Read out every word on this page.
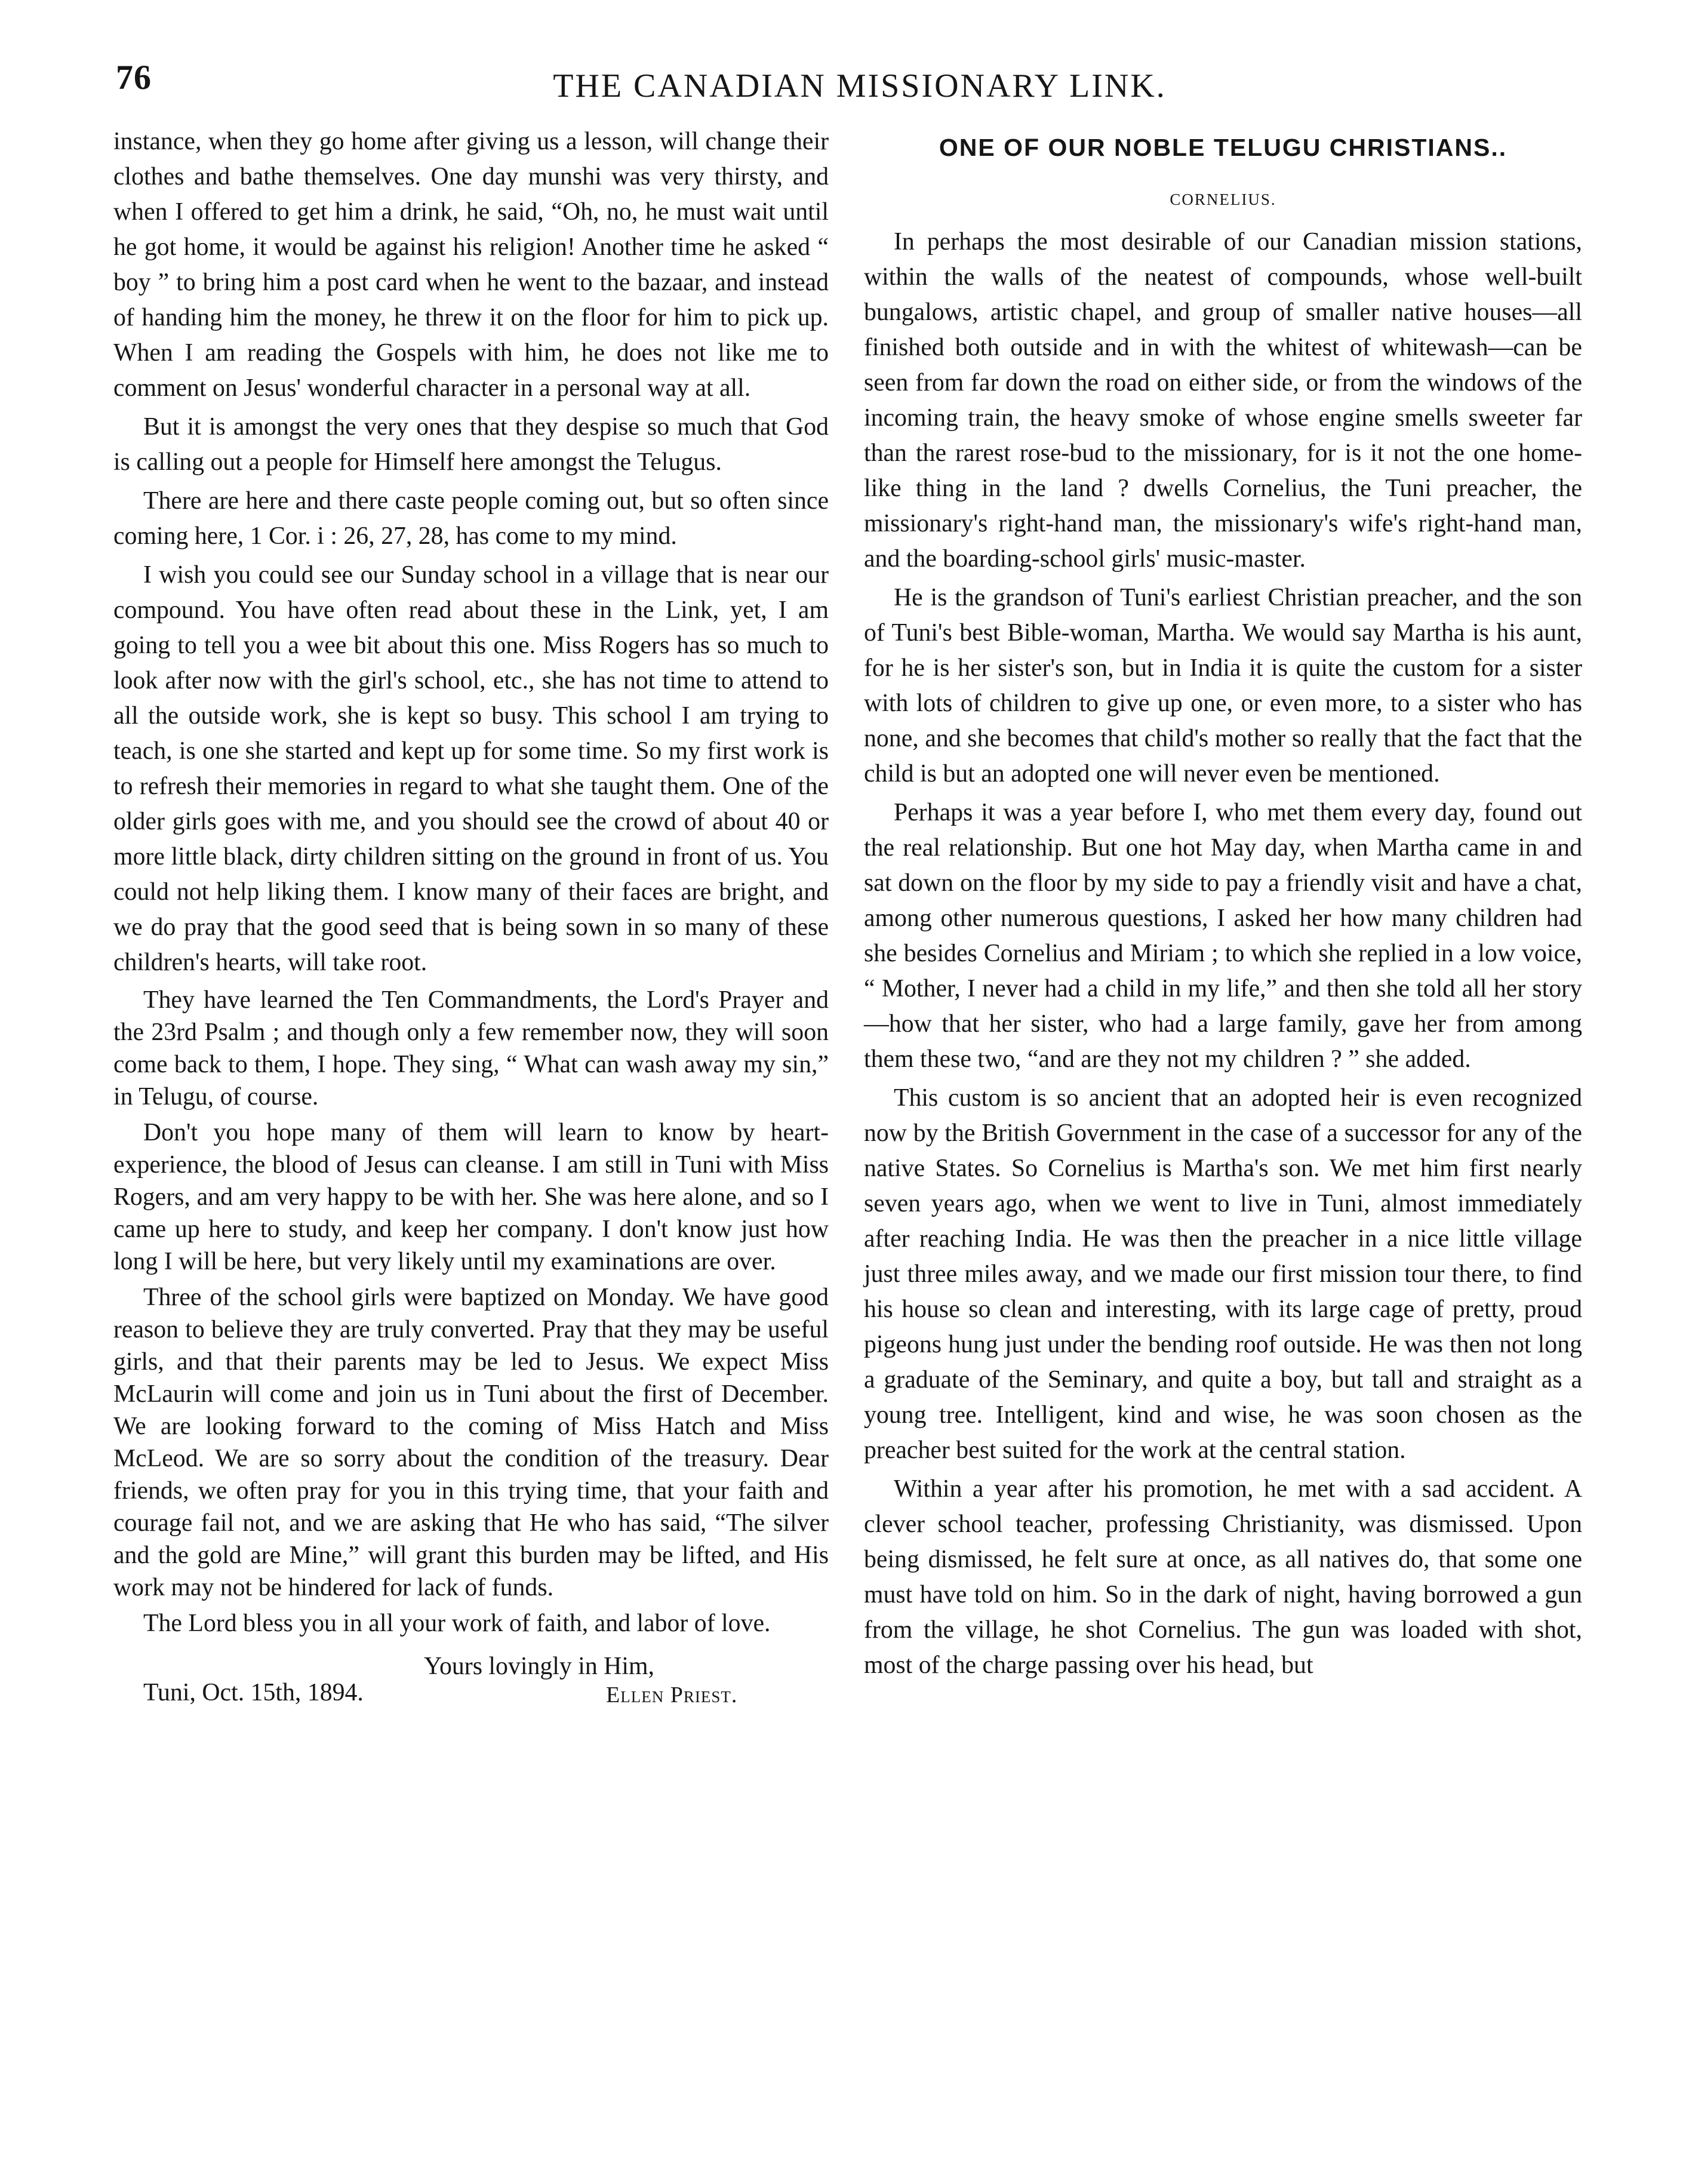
76	THE CANADIAN MISSIONARY LINK.

instance, when they go home after giving us a lesson, will change their clothes and bathe themselves. One day munshi was very thirsty, and when I offered to get him a drink, he said, “Oh, no, he must wait until he got home, it would be against his religion! Another time he asked “ boy ” to bring him a post card when he went to the bazaar, and instead of handing him the money, he threw it on the floor for him to pick up. When I am reading the Gospels with him, he does not like me to comment on Jesus' wonderful character in a personal way at all.

But it is amongst the very ones that they despise so much that God is calling out a people for Himself here amongst the Telugus.

There are here and there caste people coming out, but so often since coming here, 1 Cor. i : 26, 27, 28, has come to my mind.

I wish you could see our Sunday school in a village that is near our compound. You have often read about these in the Link, yet, I am going to tell you a wee bit about this one. Miss Rogers has so much to look after now with the girl's school, etc., she has not time to attend to all the outside work, she is kept so busy. This school I am trying to teach, is one she started and kept up for some time. So my first work is to refresh their memories in regard to what she taught them. One of the older girls goes with me, and you should see the crowd of about 40 or more little black, dirty children sitting on the ground in front of us. You could not help liking them. I know many of their faces are bright, and we do pray that the good seed that is being sown in so many of these children's hearts, will take root.

They have learned the Ten Commandments, the Lord's Prayer and the 23rd Psalm ; and though only a few remember now, they will soon come back to them, I hope. They sing, “ What can wash away my sin,” in Telugu, of course.

Don't you hope many of them will learn to know by heart-experience, the blood of Jesus can cleanse. I am still in Tuni with Miss Rogers, and am very happy to be with her. She was here alone, and so I came up here to study, and keep her company. I don't know just how long I will be here, but very likely until my examinations are over.

Three of the school girls were baptized on Monday. We have good reason to believe they are truly converted. Pray that they may be useful girls, and that their parents may be led to Jesus. We expect Miss McLaurin will come and join us in Tuni about the first of December. We are looking forward to the coming of Miss Hatch and Miss McLeod. We are so sorry about the condition of the treasury. Dear friends, we often pray for you in this trying time, that your faith and courage fail not, and we are asking that He who has said, “The silver and the gold are Mine,” will grant this burden may be lifted, and His work may not be hindered for lack of funds.

The Lord bless you in all your work of faith, and labor of love.

Yours lovingly in Him,
Tuni, Oct. 15th, 1894.	Ellen Priest.
ONE OF OUR NOBLE TELUGU CHRISTIANS..
CORNELIUS.

In perhaps the most desirable of our Canadian mission stations, within the walls of the neatest of compounds, whose well-built bungalows, artistic chapel, and group of smaller native houses—all finished both outside and in with the whitest of whitewash—can be seen from far down the road on either side, or from the windows of the incoming train, the heavy smoke of whose engine smells sweeter far than the rarest rose-bud to the missionary, for is it not the one home-like thing in the land ? dwells Cornelius, the Tuni preacher, the missionary's right-hand man, the missionary's wife's right-hand man, and the boarding-school girls' music-master.

He is the grandson of Tuni's earliest Christian preacher, and the son of Tuni's best Bible-woman, Martha. We would say Martha is his aunt, for he is her sister's son, but in India it is quite the custom for a sister with lots of children to give up one, or even more, to a sister who has none, and she becomes that child's mother so really that the fact that the child is but an adopted one will never even be mentioned.

Perhaps it was a year before I, who met them every day, found out the real relationship. But one hot May day, when Martha came in and sat down on the floor by my side to pay a friendly visit and have a chat, among other numerous questions, I asked her how many children had she besides Cornelius and Miriam ; to which she replied in a low voice, “ Mother, I never had a child in my life,” and then she told all her story—how that her sister, who had a large family, gave her from among them these two, “and are they not my children ? ” she added.

This custom is so ancient that an adopted heir is even recognized now by the British Government in the case of a successor for any of the native States. So Cornelius is Martha's son. We met him first nearly seven years ago, when we went to live in Tuni, almost immediately after reaching India. He was then the preacher in a nice little village just three miles away, and we made our first mission tour there, to find his house so clean and interesting, with its large cage of pretty, proud pigeons hung just under the bending roof outside. He was then not long a graduate of the Seminary, and quite a boy, but tall and straight as a young tree. Intelligent, kind and wise, he was soon chosen as the preacher best suited for the work at the central station.

Within a year after his promotion, he met with a sad accident. A clever school teacher, professing Christianity, was dismissed. Upon being dismissed, he felt sure at once, as all natives do, that some one must have told on him. So in the dark of night, having borrowed a gun from the village, he shot Cornelius. The gun was loaded with shot, most of the charge passing over his head, but
